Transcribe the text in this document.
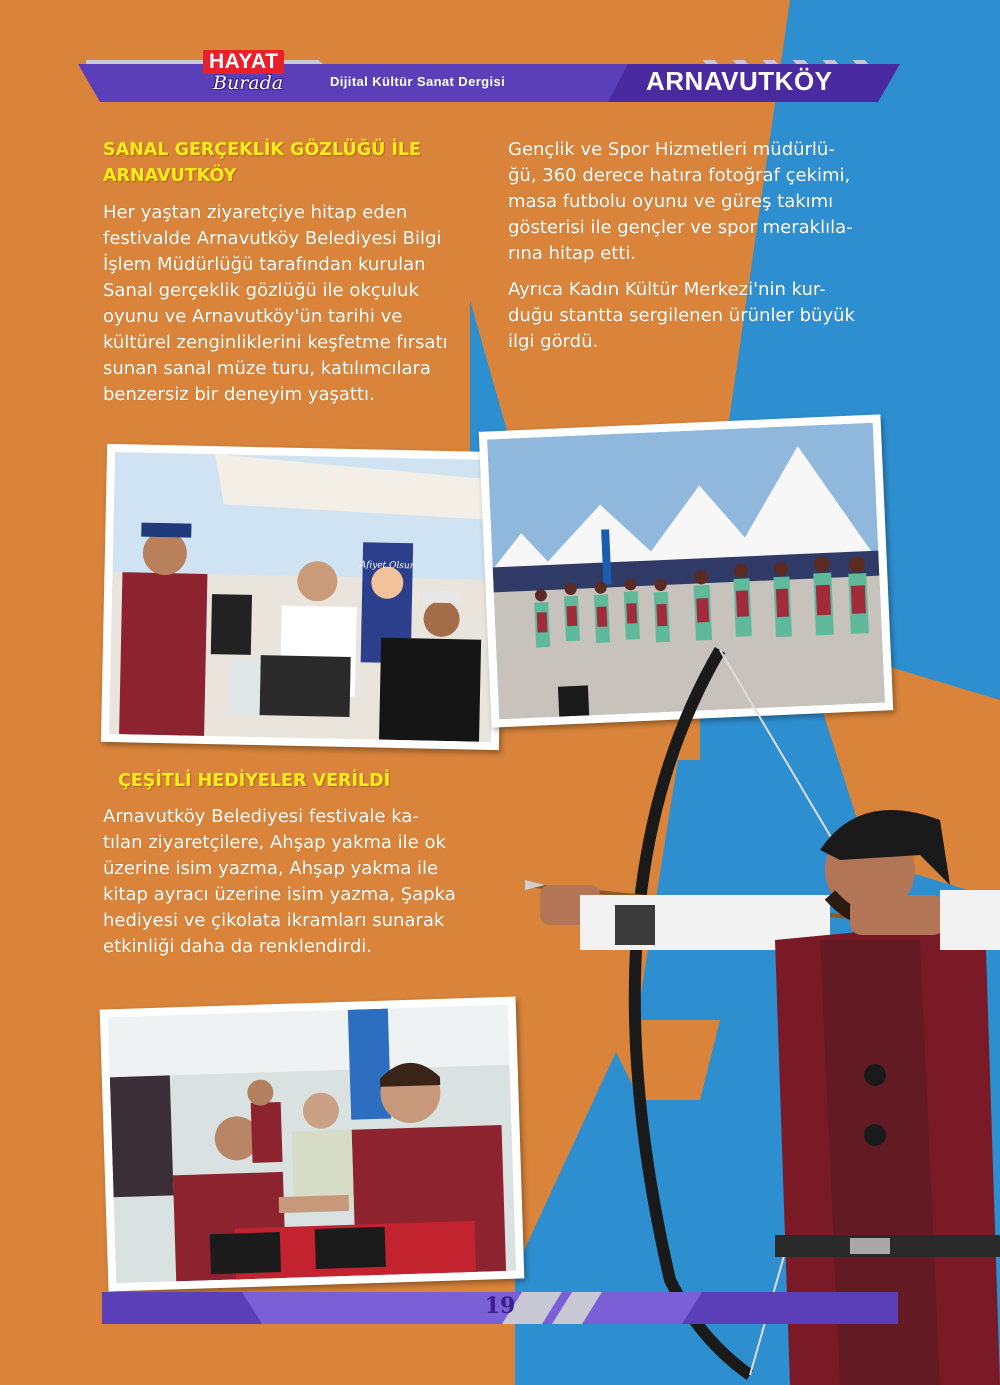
HAYAT
Burada	Dijital Kültür Sanat Dergisi	ARNAVUTKÖY
SANAL GERÇEKLİK GÖZLÜĞÜ İLE
ARNAVUTKÖY
Her yaştan ziyaretçiye hitap eden
festivalde Arnavutköy Belediyesi Bilgi
İşlem Müdürlüğü tarafından kurulan
Sanal gerçeklik gözlüğü ile okçuluk
oyunu ve Arnavutköy'ün tarihi ve
kültürel zenginliklerini keşfetme fırsatı
sunan sanal müze turu, katılımcılara
benzersiz bir deneyim yaşattı.
Gençlik ve Spor Hizmetleri müdürlü-
ğü, 360 derece hatıra fotoğraf çekimi,
masa futbolu oyunu ve güreş takımı
gösterisi ile gençler ve spor meraklıla-
rına hitap etti.
Ayrıca Kadın Kültür Merkezi'nin kur-
duğu stantta sergilenen ürünler büyük
ilgi gördü.
Afiyet Olsun
ÇEŞİTLİ HEDİYELER VERİLDİ
Arnavutköy Belediyesi festivale ka-
tılan ziyaretçilere, Ahşap yakma ile ok
üzerine isim yazma, Ahşap yakma ile
kitap ayracı üzerine isim yazma, Şapka
hediyesi ve çikolata ikramları sunarak
etkinliği daha da renklendirdi.
19
